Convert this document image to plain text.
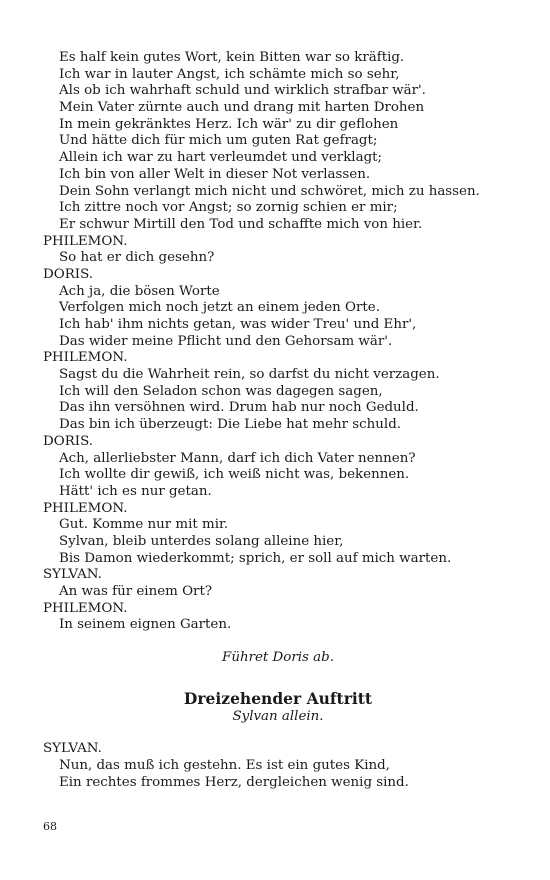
Es half kein gutes Wort, kein Bitten war so kräftig.
Ich war in lauter Angst, ich schämte mich so sehr,
Als ob ich wahrhaft schuld und wirklich strafbar wär'.
Mein Vater zürnte auch und drang mit harten Drohen
In mein gekränktes Herz. Ich wär' zu dir geflohen
Und hätte dich für mich um guten Rat gefragt;
Allein ich war zu hart verleumdet und verklagt;
Ich bin von aller Welt in dieser Not verlassen.
Dein Sohn verlangt mich nicht und schwöret, mich zu hassen.
Ich zittre noch vor Angst; so zornig schien er mir;
Er schwur Mirtill den Tod und schaffte mich von hier.
PHILEMON.
So hat er dich gesehn?
DORIS.
Ach ja, die bösen Worte
Verfolgen mich noch jetzt an einem jeden Orte.
Ich hab' ihm nichts getan, was wider Treu' und Ehr',
Das wider meine Pflicht und den Gehorsam wär'.
PHILEMON.
Sagst du die Wahrheit rein, so darfst du nicht verzagen.
Ich will den Seladon schon was dagegen sagen,
Das ihn versöhnen wird. Drum hab nur noch Geduld.
Das bin ich überzeugt: Die Liebe hat mehr schuld.
DORIS.
Ach, allerliebster Mann, darf ich dich Vater nennen?
Ich wollte dir gewiß, ich weiß nicht was, bekennen.
Hätt' ich es nur getan.
PHILEMON.
Gut. Komme nur mit mir.
Sylvan, bleib unterdes solang alleine hier,
Bis Damon wiederkommt; sprich, er soll auf mich warten.
SYLVAN.
An was für einem Ort?
PHILEMON.
In seinem eignen Garten.
Führet Doris ab.
Dreizehender Auftritt
Sylvan allein.
SYLVAN.
Nun, das muß ich gestehn. Es ist ein gutes Kind,
Ein rechtes frommes Herz, dergleichen wenig sind.
68
